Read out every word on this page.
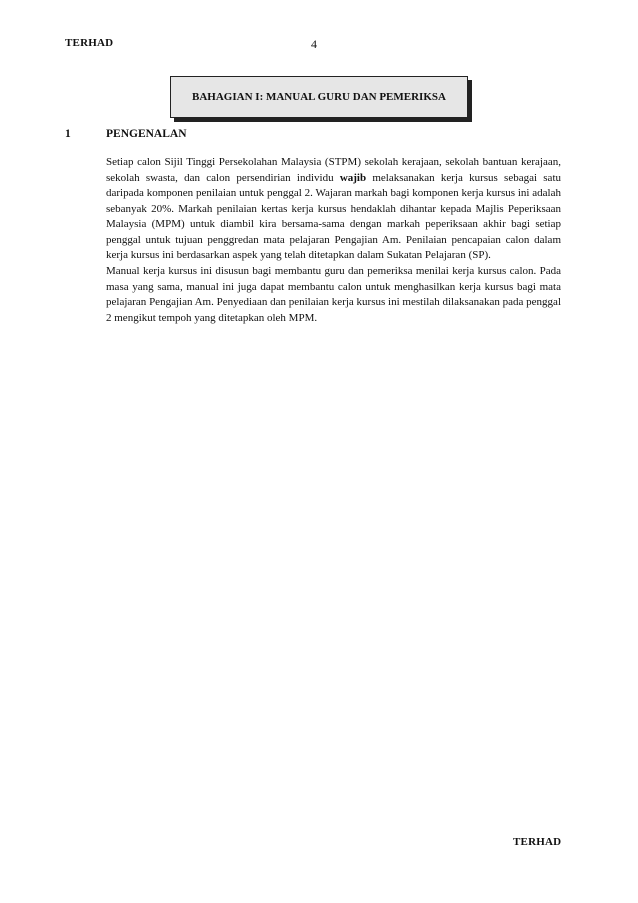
TERHAD	4
BAHAGIAN I: MANUAL GURU DAN PEMERIKSA
1	PENGENALAN

Setiap calon Sijil Tinggi Persekolahan Malaysia (STPM) sekolah kerajaan, sekolah bantuan kerajaan, sekolah swasta, dan calon persendirian individu wajib melaksanakan kerja kursus sebagai satu daripada komponen penilaian untuk penggal 2. Wajaran markah bagi komponen kerja kursus ini adalah sebanyak 20%. Markah penilaian kertas kerja kursus hendaklah dihantar kepada Majlis Peperiksaan Malaysia (MPM) untuk diambil kira bersama-sama dengan markah peperiksaan akhir bagi setiap penggal untuk tujuan penggredan mata pelajaran Pengajian Am. Penilaian pencapaian calon dalam kerja kursus ini berdasarkan aspek yang telah ditetapkan dalam Sukatan Pelajaran (SP).

Manual kerja kursus ini disusun bagi membantu guru dan pemeriksa menilai kerja kursus calon. Pada masa yang sama, manual ini juga dapat membantu calon untuk menghasilkan kerja kursus bagi mata pelajaran Pengajian Am. Penyediaan dan penilaian kerja kursus ini mestilah dilaksanakan pada penggal 2 mengikut tempoh yang ditetapkan oleh MPM.

TERHAD
